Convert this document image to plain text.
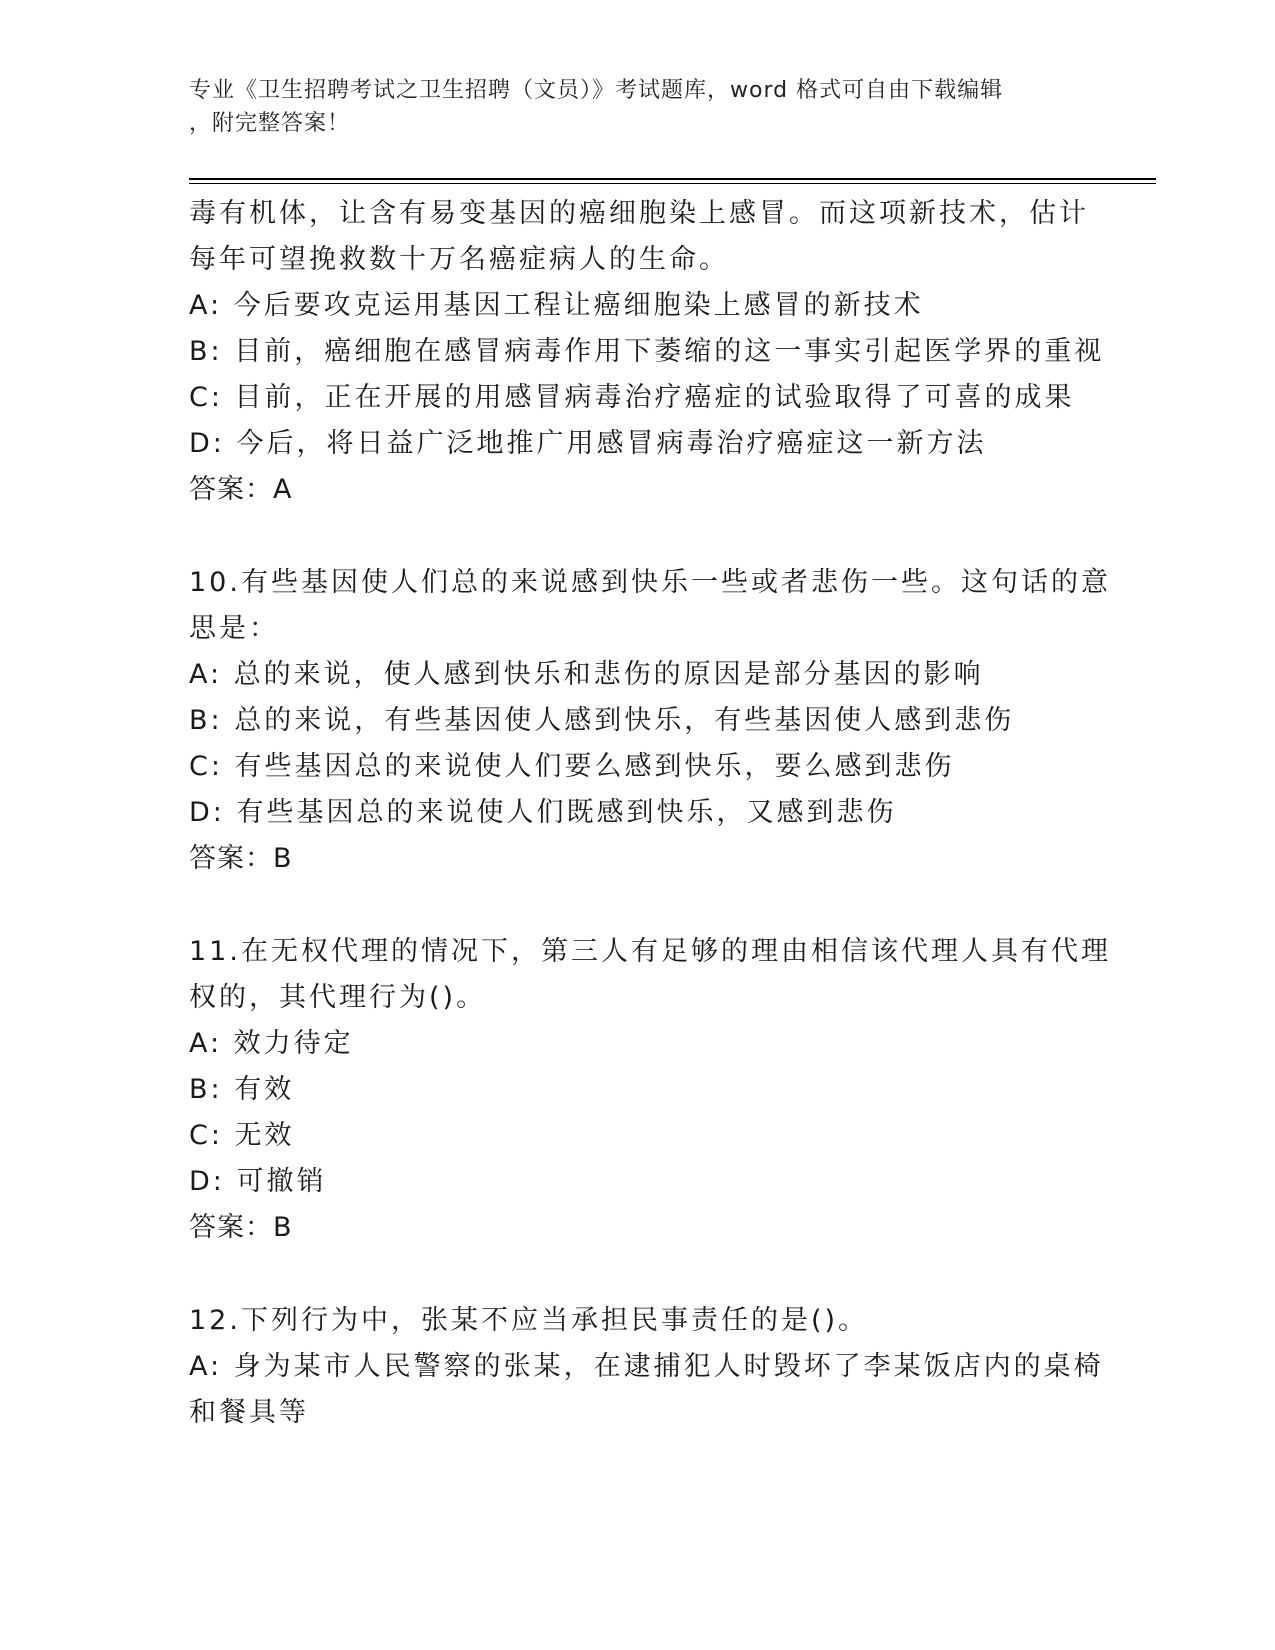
专业《卫生招聘考试之卫生招聘（文员）》考试题库，word 格式可自由下载编辑
，附完整答案！
毒有机体，让含有易变基因的癌细胞染上感冒。而这项新技术，估计
每年可望挽救数十万名癌症病人的生命。
A: 今后要攻克运用基因工程让癌细胞染上感冒的新技术
B: 目前，癌细胞在感冒病毒作用下萎缩的这一事实引起医学界的重视
C: 目前，正在开展的用感冒病毒治疗癌症的试验取得了可喜的成果
D: 今后，将日益广泛地推广用感冒病毒治疗癌症这一新方法
答案：A
10.有些基因使人们总的来说感到快乐一些或者悲伤一些。这句话的意
思是：
A: 总的来说，使人感到快乐和悲伤的原因是部分基因的影响
B: 总的来说，有些基因使人感到快乐，有些基因使人感到悲伤
C: 有些基因总的来说使人们要么感到快乐，要么感到悲伤
D: 有些基因总的来说使人们既感到快乐，又感到悲伤
答案：B
11.在无权代理的情况下，第三人有足够的理由相信该代理人具有代理
权的，其代理行为()。
A: 效力待定
B: 有效
C: 无效
D: 可撤销
答案：B
12.下列行为中，张某不应当承担民事责任的是()。
A: 身为某市人民警察的张某，在逮捕犯人时毁坏了李某饭店内的桌椅
和餐具等
